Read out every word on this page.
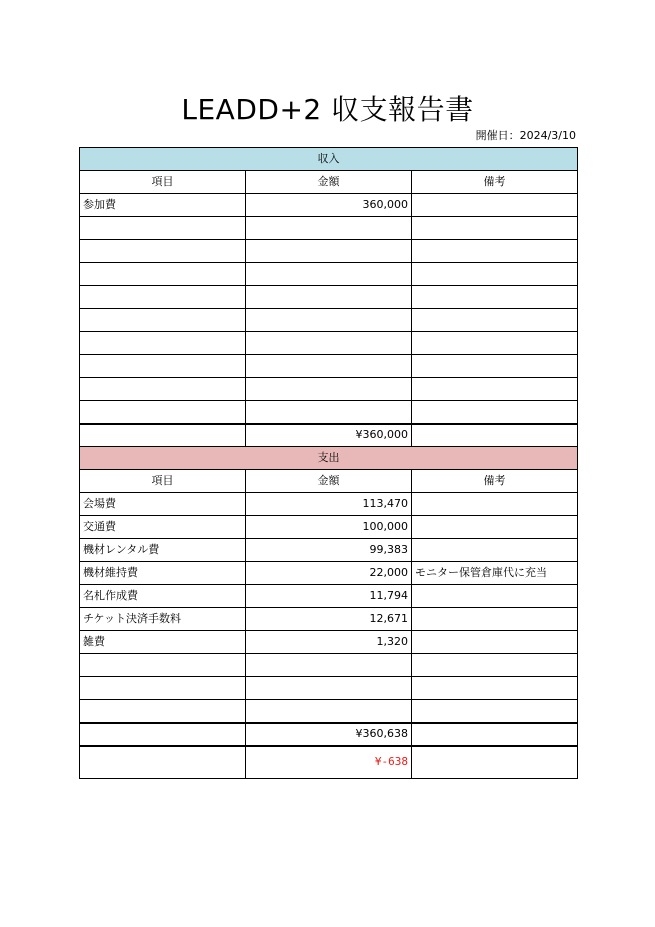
LEADD+2 収支報告書
開催日：2024/3/10
収入		
項目	金額	備考
参加費	360,000	

	¥360,000	
支出		
項目	金額	備考
会場費	113,470	
交通費	100,000	
機材レンタル費	99,383	
機材維持費	22,000	モニター保管倉庫代に充当
名札作成費	11,794	
チケット決済手数料	12,671	
雑費	1,320	

	¥360,638	
	¥-638	
